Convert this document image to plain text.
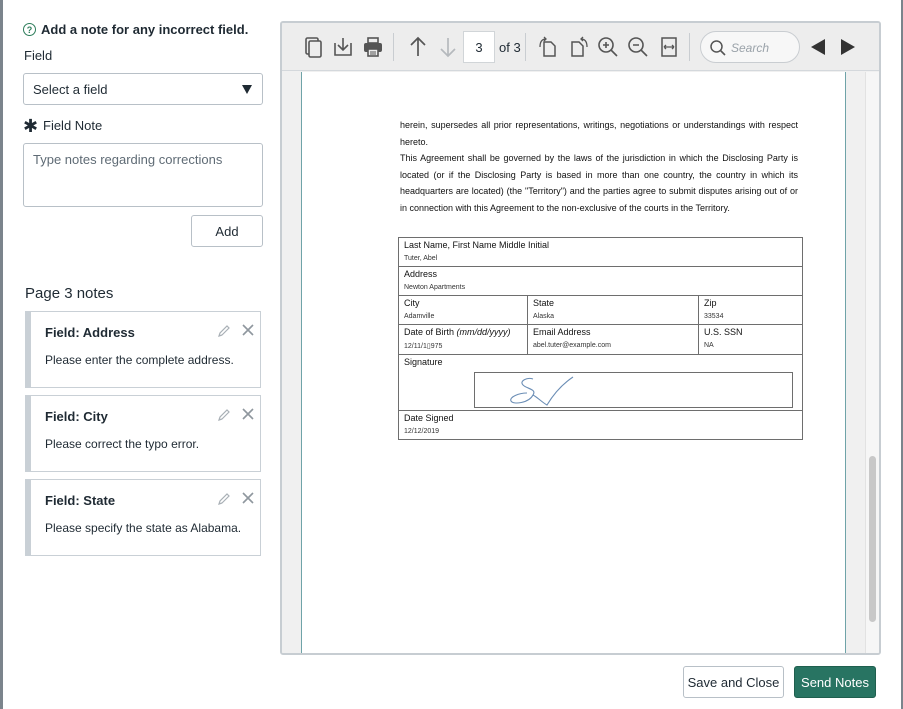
? Add a note for any incorrect field.
Field
Select a field
✱ Field Note
Type notes regarding corrections
Add
Page 3 notes
Field: Address
Please enter the complete address.
Field: City
Please correct the typo error.
Field: State
Please specify the state as Alabama.
3
of 3
Search

herein, supersedes all prior representations, writings, negotiations or understandings with respect hereto.

This Agreement shall be governed by the laws of the jurisdiction in which the Disclosing Party is located (or if the Disclosing Party is based in more than one country, the country in which its headquarters are located) (the "Territory") and the parties agree to submit disputes arising out of or in connection with this Agreement to the non-exclusive of the courts in the Territory.

Last Name, First Name Middle Initial
Tuter, Abel
Address
Newton Apartments
City
Adamville
State
Alaska
Zip
33534
Date of Birth (mm/dd/yyyy)
12/11/1▯975
Email Address
abel.tuter@example.com
U.S. SSN
NA
Signature
Date Signed
12/12/2019
Save and Close	Send Notes
